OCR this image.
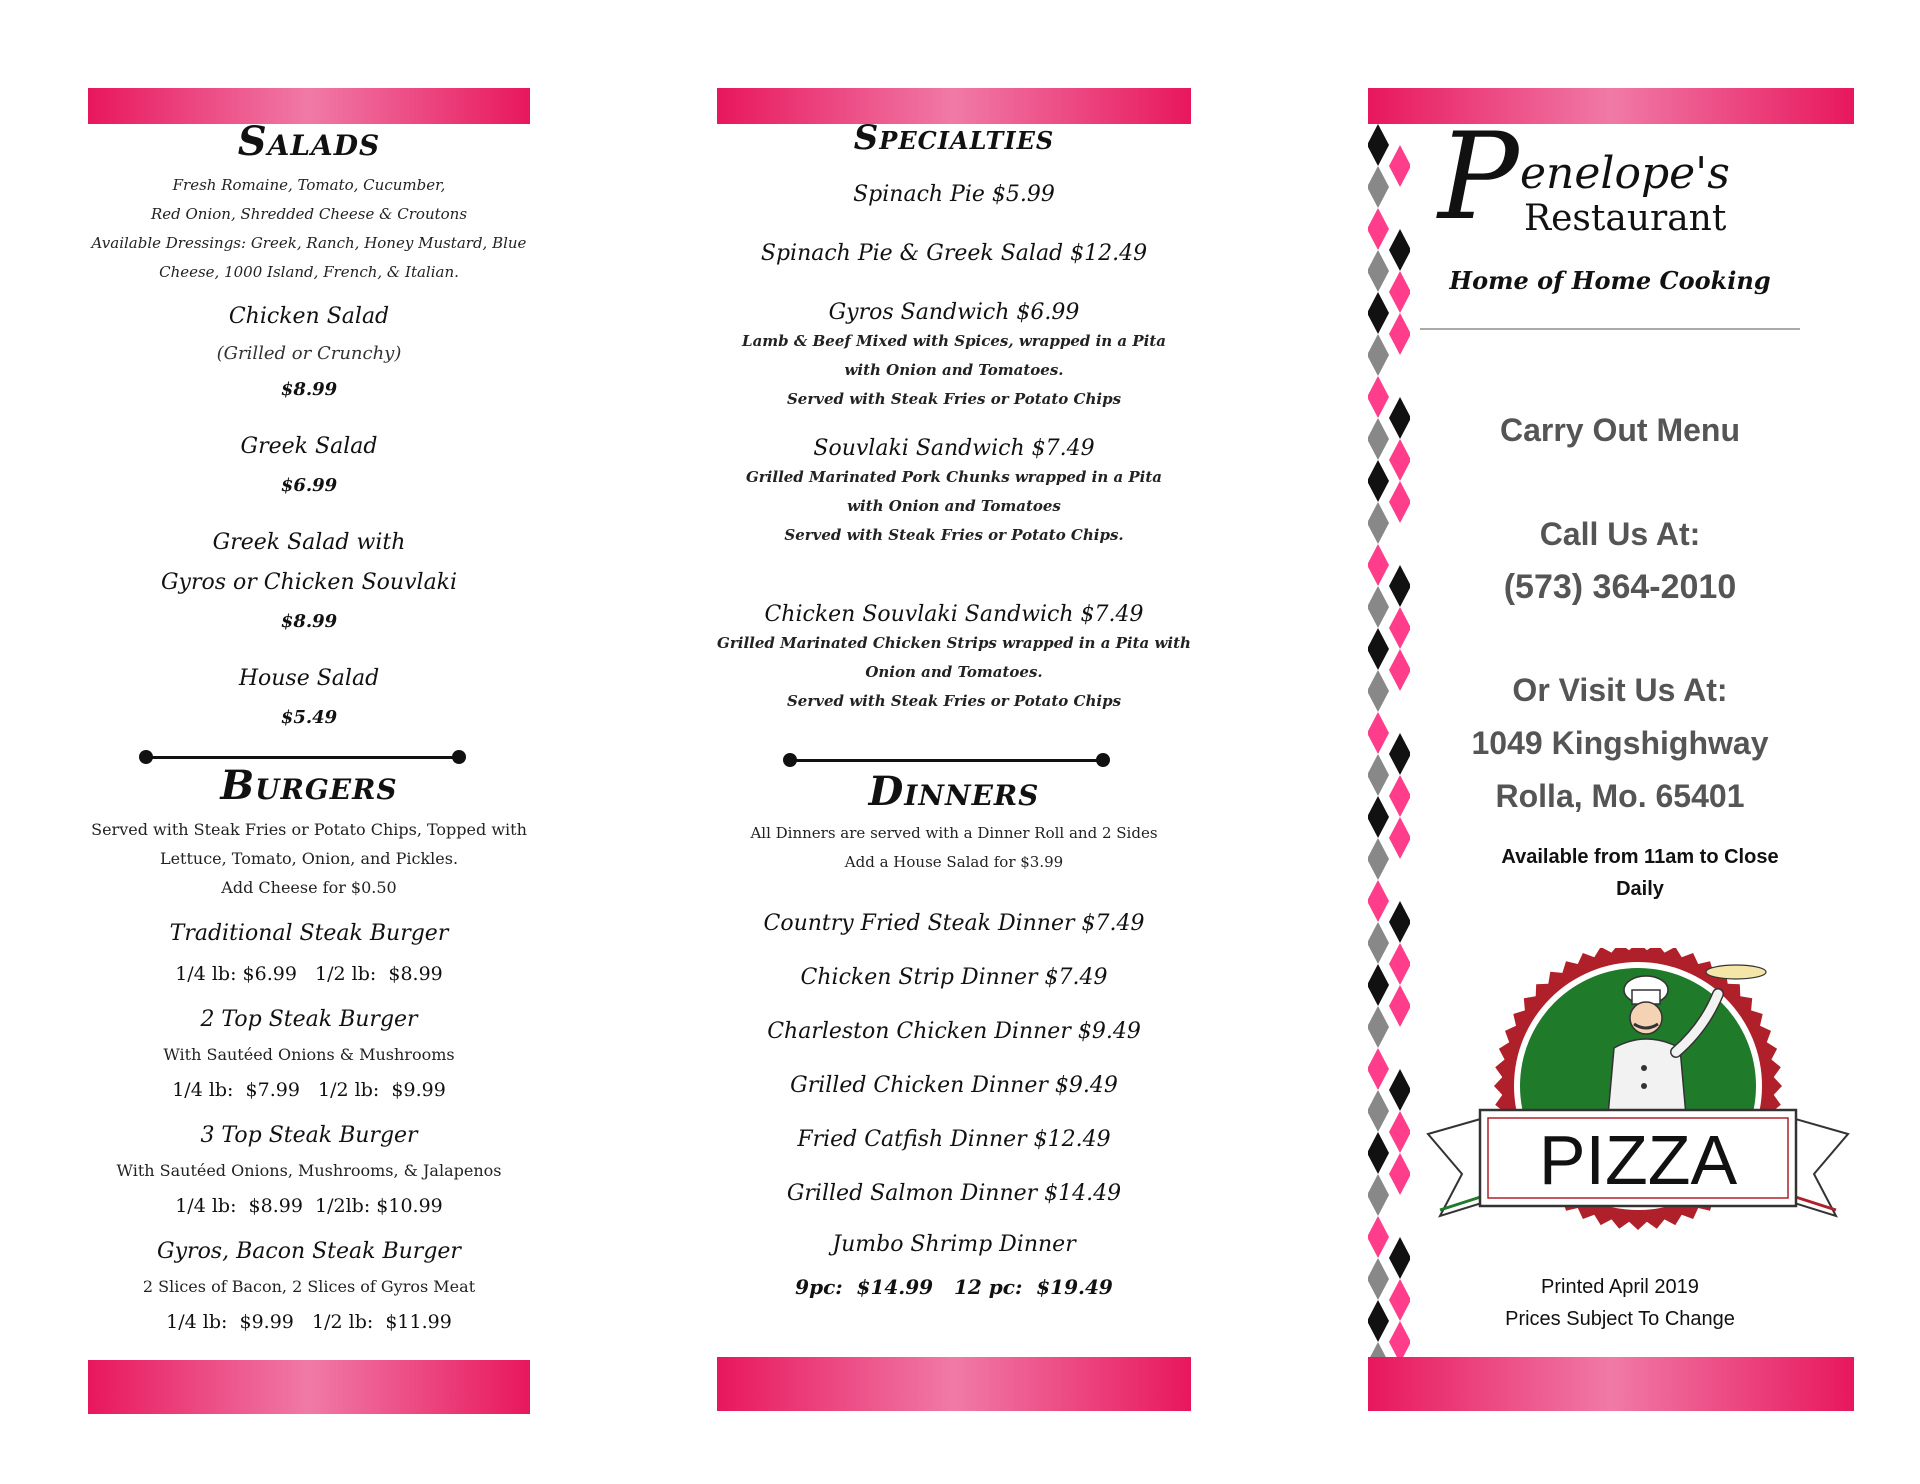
Salads
Fresh Romaine, Tomato, Cucumber,
Red Onion, Shredded Cheese & Croutons
Available Dressings: Greek, Ranch, Honey Mustard, Blue
Cheese, 1000 Island, French, & Italian.
Chicken Salad
(Grilled or Crunchy)
$8.99
Greek Salad
$6.99
Greek Salad with
Gyros or Chicken Souvlaki
$8.99
House Salad
$5.49
Burgers
Served with Steak Fries or Potato Chips, Topped with
Lettuce, Tomato, Onion, and Pickles.
Add Cheese for $0.50
Traditional Steak Burger
1/4 lb: $6.99   1/2 lb:  $8.99
2 Top Steak Burger
With Sautéed Onions & Mushrooms
1/4 lb:  $7.99   1/2 lb:  $9.99
3 Top Steak Burger
With Sautéed Onions, Mushrooms, & Jalapenos
1/4 lb:  $8.99  1/2lb: $10.99
Gyros, Bacon Steak Burger
2 Slices of Bacon, 2 Slices of Gyros Meat
1/4 lb:  $9.99   1/2 lb:  $11.99
Specialties
Spinach Pie $5.99
Spinach Pie & Greek Salad $12.49
Gyros Sandwich $6.99
Lamb & Beef Mixed with Spices, wrapped in a Pita
with Onion and Tomatoes.
Served with Steak Fries or Potato Chips
Souvlaki Sandwich $7.49
Grilled Marinated Pork Chunks wrapped in a Pita
with Onion and Tomatoes
Served with Steak Fries or Potato Chips.
Chicken Souvlaki Sandwich $7.49
Grilled Marinated Chicken Strips wrapped in a Pita with
Onion and Tomatoes.
Served with Steak Fries or Potato Chips
Dinners
All Dinners are served with a Dinner Roll and 2 Sides
Add a House Salad for $3.99
Country Fried Steak Dinner $7.49
Chicken Strip Dinner $7.49
Charleston Chicken Dinner $9.49
Grilled Chicken Dinner $9.49
Fried Catfish Dinner $12.49
Grilled Salmon Dinner $14.49
Jumbo Shrimp Dinner
9pc:  $14.99   12 pc:  $19.49
P enelope's
Restaurant
Home of Home Cooking
Carry Out Menu
Call Us At:
(573) 364-2010
Or Visit Us At:
1049 Kingshighway
Rolla, Mo. 65401
Available from 11am to Close
Daily
PIZZA
Printed April 2019
Prices Subject To Change
